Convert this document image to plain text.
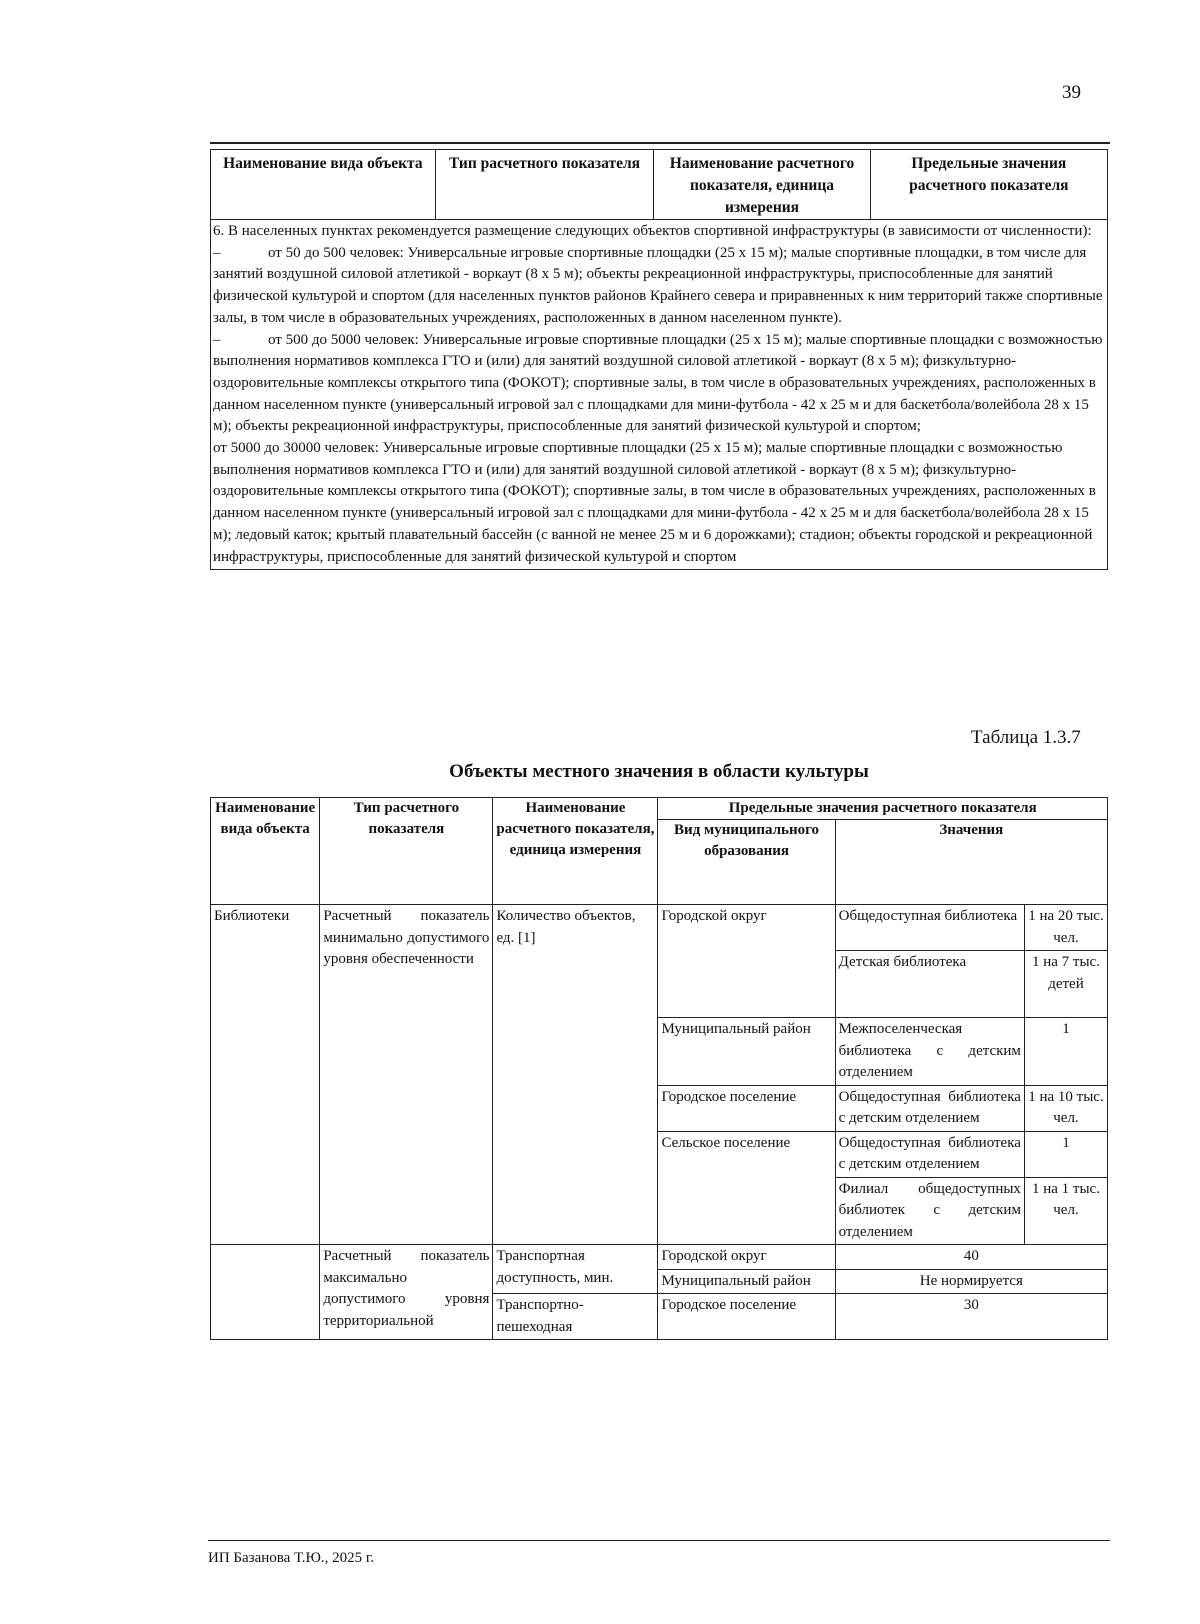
39
Наименование вида объекта	Тип расчетного показателя	Наименование расчетного показателя, единица измерения	Предельные значения расчетного показателя

6. В населенных пунктах рекомендуется размещение следующих объектов спортивной инфраструктуры (в зависимости от численности):

–	от 50 до 500 человек: Универсальные игровые спортивные площадки (25 х 15 м); малые спортивные площадки, в том числе для занятий воздушной силовой атлетикой - воркаут (8 х 5 м); объекты рекреационной инфраструктуры, приспособленные для занятий физической культурой и спортом (для населенных пунктов районов Крайнего севера и приравненных к ним территорий также спортивные залы, в том числе в образовательных учреждениях, расположенных в данном населенном пункте).

–	от 500 до 5000 человек: Универсальные игровые спортивные площадки (25 х 15 м); малые спортивные площадки с возможностью выполнения нормативов комплекса ГТО и (или) для занятий воздушной силовой атлетикой - воркаут (8 х 5 м); физкультурно-оздоровительные комплексы открытого типа (ФОКОТ); спортивные залы, в том числе в образовательных учреждениях, расположенных в данном населенном пункте (универсальный игровой зал с площадками для мини-футбола - 42 х 25 м и для баскетбола/волейбола 28 х 15 м); объекты рекреационной инфраструктуры, приспособленные для занятий физической культурой и спортом;

от 5000 до 30000 человек: Универсальные игровые спортивные площадки (25 х 15 м); малые спортивные площадки с возможностью выполнения нормативов комплекса ГТО и (или) для занятий воздушной силовой атлетикой - воркаут (8 х 5 м); физкультурно-оздоровительные комплексы открытого типа (ФОКОТ); спортивные залы, в том числе в образовательных учреждениях, расположенных в данном населенном пункте (универсальный игровой зал с площадками для мини-футбола - 42 х 25 м и для баскетбола/волейбола 28 х 15 м); ледовый каток; крытый плавательный бассейн (с ванной не менее 25 м и 6 дорожками); стадион; объекты городской и рекреационной инфраструктуры, приспособленные для занятий физической культурой и спортом

Таблица 1.3.7
Объекты местного значения в области культуры
Наименование вида объекта	Тип расчетного показателя	Наименование расчетного показателя, единица измерения	Предельные значения расчетного показателя		
			Вид муниципального образования	Значения	
Библиотеки	Расчетный показатель минимально допустимого уровня обеспеченности	Количество объектов, ед. [1]	Городской округ	Общедоступная библиотека	1 на 20 тыс. чел.
				Детская библиотека	1 на 7 тыс. детей
			Муниципальный район	Межпоселенческая библиотека с детским отделением	1
			Городское поселение	Общедоступная библиотека с детским отделением	1 на 10 тыс. чел.
			Сельское поселение	Общедоступная библиотека с детским отделением	1
				Филиал общедоступных библиотек с детским отделением	1 на 1 тыс. чел.
	Расчетный показатель максимально допустимого уровня территориальной	Транспортная доступность, мин.	Городской округ	40	
			Муниципальный район	Не нормируется	
		Транспортно-пешеходная	Городское поселение	30	
ИП Базанова Т.Ю., 2025 г.
